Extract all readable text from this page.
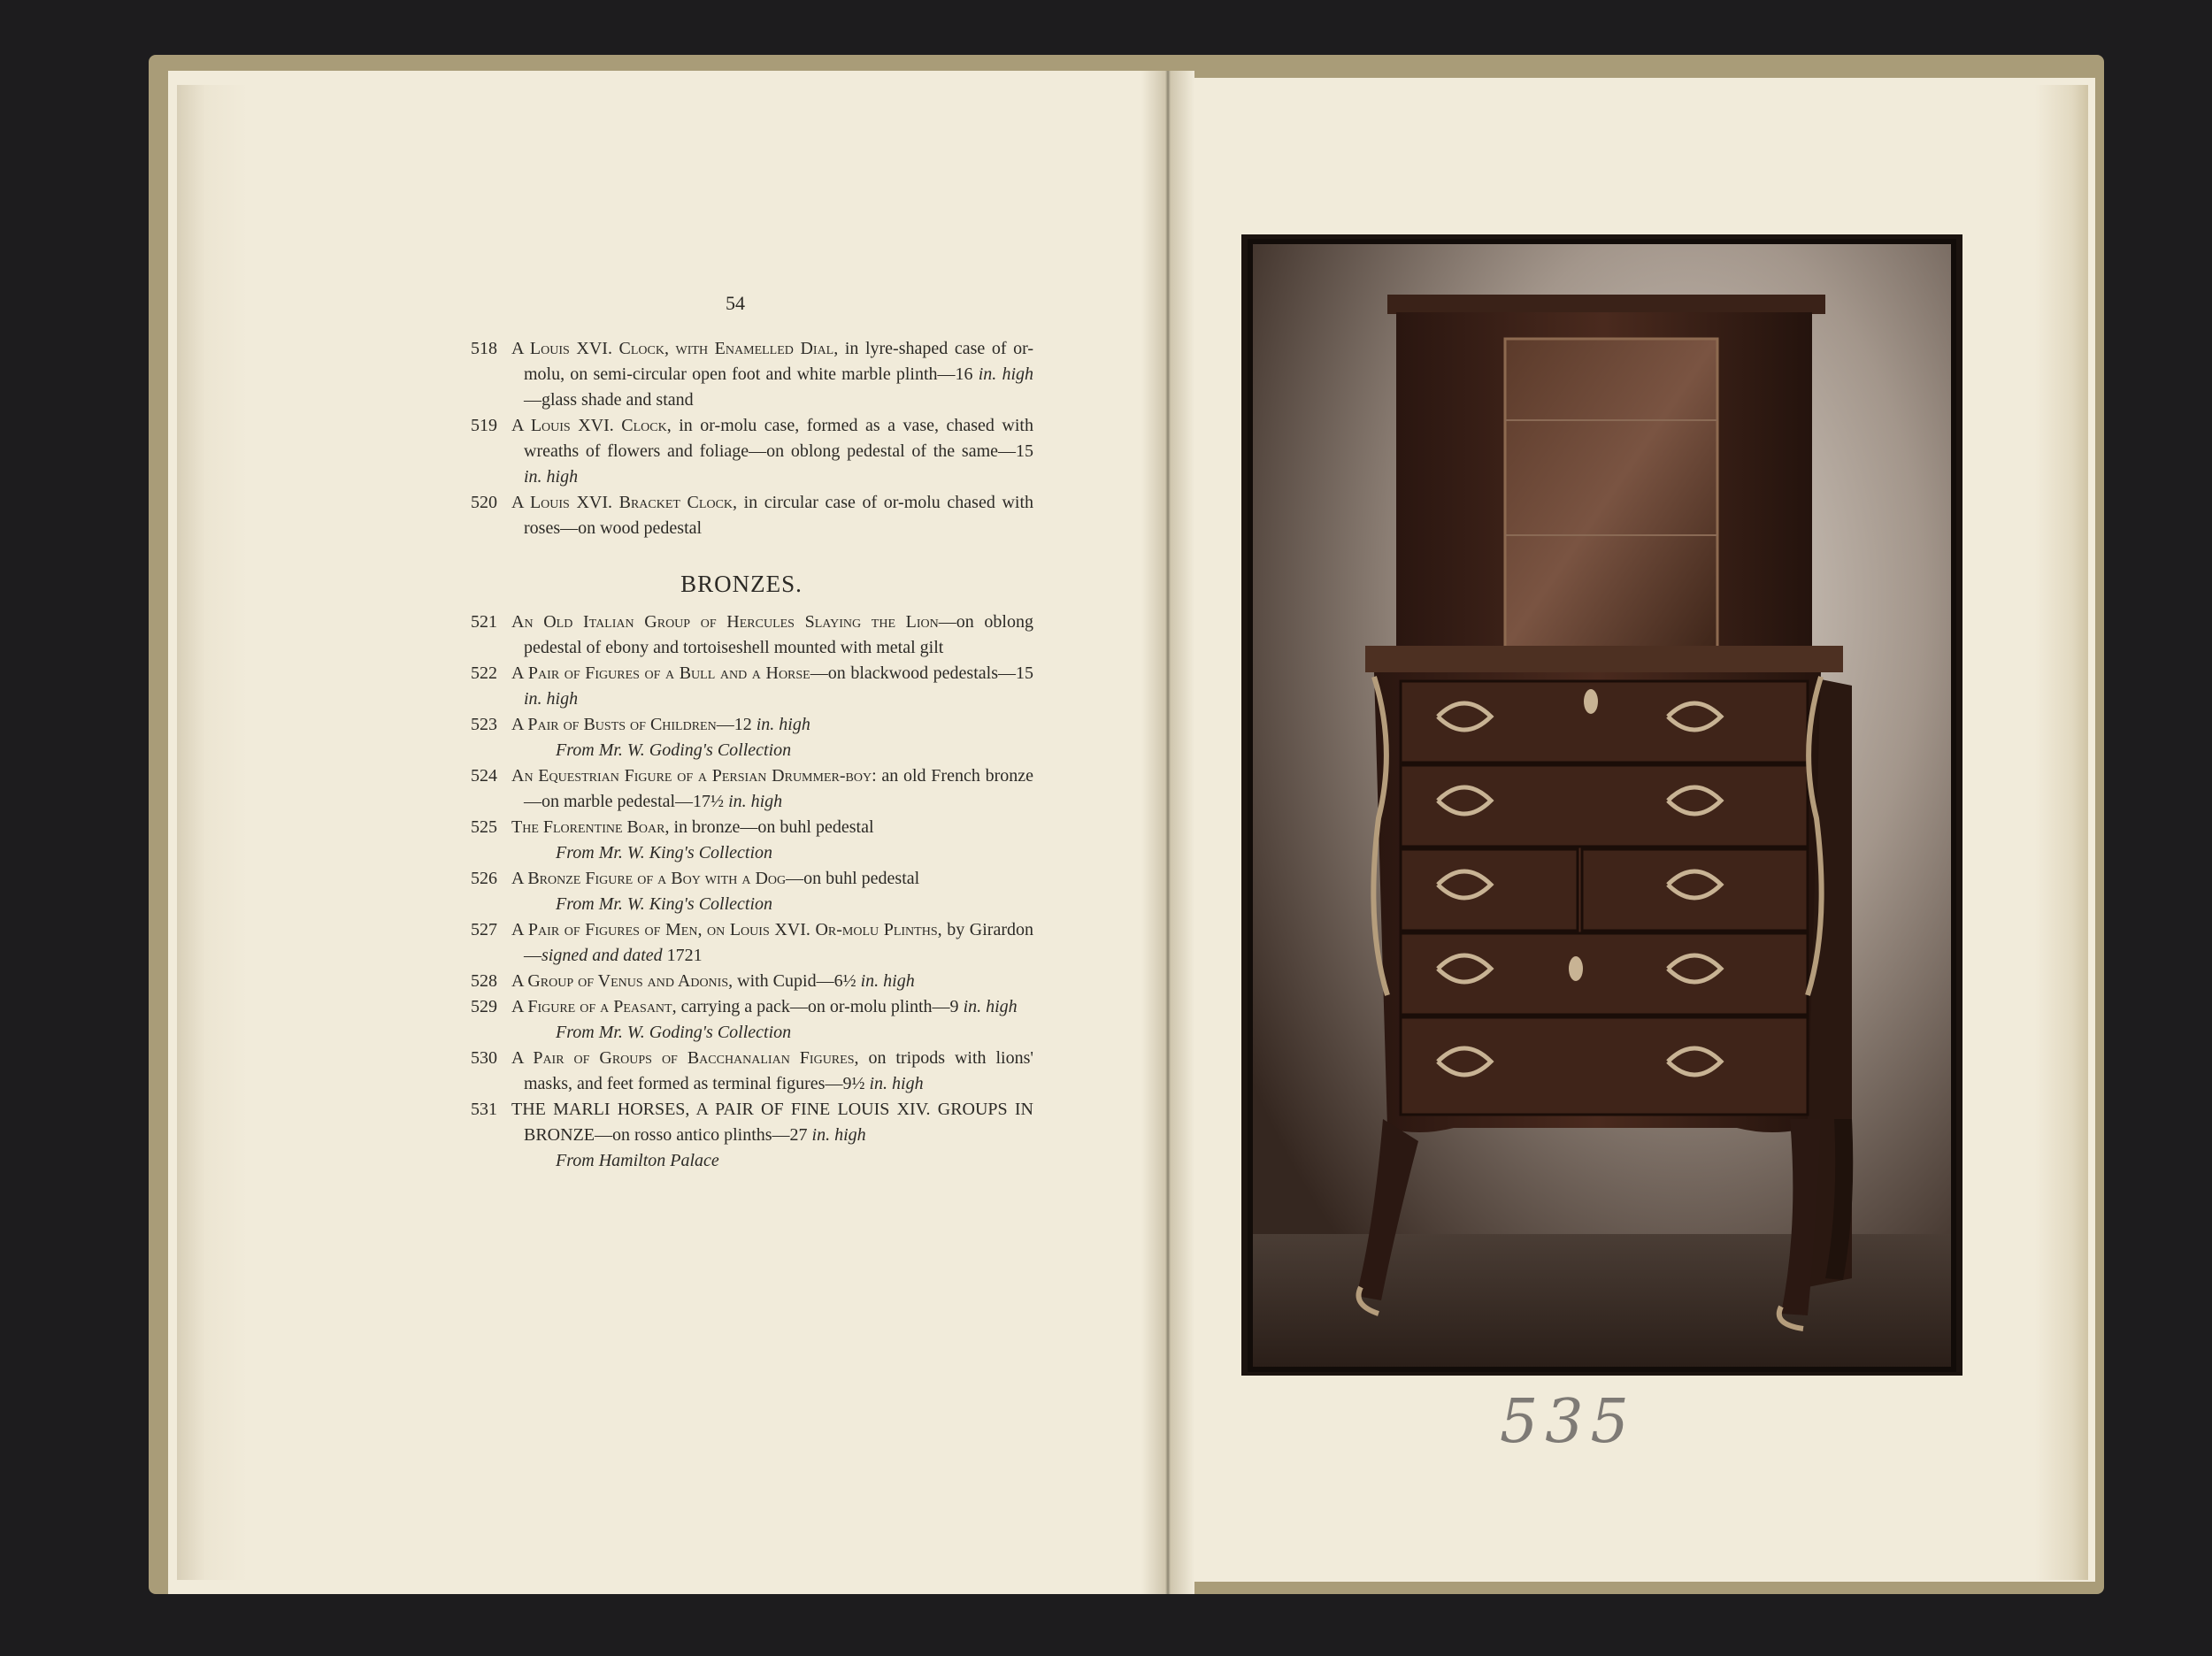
54

518 A Louis XVI. Clock, with Enamelled Dial, in lyre-shaped case of or-molu, on semi-circular open foot and white marble plinth—16 in. high—glass shade and stand

519 A Louis XVI. Clock, in or-molu case, formed as a vase, chased with wreaths of flowers and foliage—on oblong pedestal of the same—15 in. high

520 A Louis XVI. Bracket Clock, in circular case of or-molu chased with roses—on wood pedestal

BRONZES.

521 An Old Italian Group of Hercules Slaying the Lion—on oblong pedestal of ebony and tortoiseshell mounted with metal gilt

522 A Pair of Figures of a Bull and a Horse—on blackwood pedestals—15 in. high

523 A Pair of Busts of Children—12 in. high

From Mr. W. Goding's Collection

524 An Equestrian Figure of a Persian Drummer-boy: an old French bronze—on marble pedestal—17½ in. high

525 The Florentine Boar, in bronze—on buhl pedestal

From Mr. W. King's Collection

526 A Bronze Figure of a Boy with a Dog—on buhl pedestal

From Mr. W. King's Collection

527 A Pair of Figures of Men, on Louis XVI. Or-molu Plinths, by Girardon—signed and dated 1721

528 A Group of Venus and Adonis, with Cupid—6½ in. high

529 A Figure of a Peasant, carrying a pack—on or-molu plinth—9 in. high

From Mr. W. Goding's Collection

530 A Pair of Groups of Bacchanalian Figures, on tripods with lions' masks, and feet formed as terminal figures—9½ in. high

531 THE MARLI HORSES, A PAIR OF FINE LOUIS XIV. GROUPS IN BRONZE—on rosso antico plinths—27 in. high

From Hamilton Palace

535
